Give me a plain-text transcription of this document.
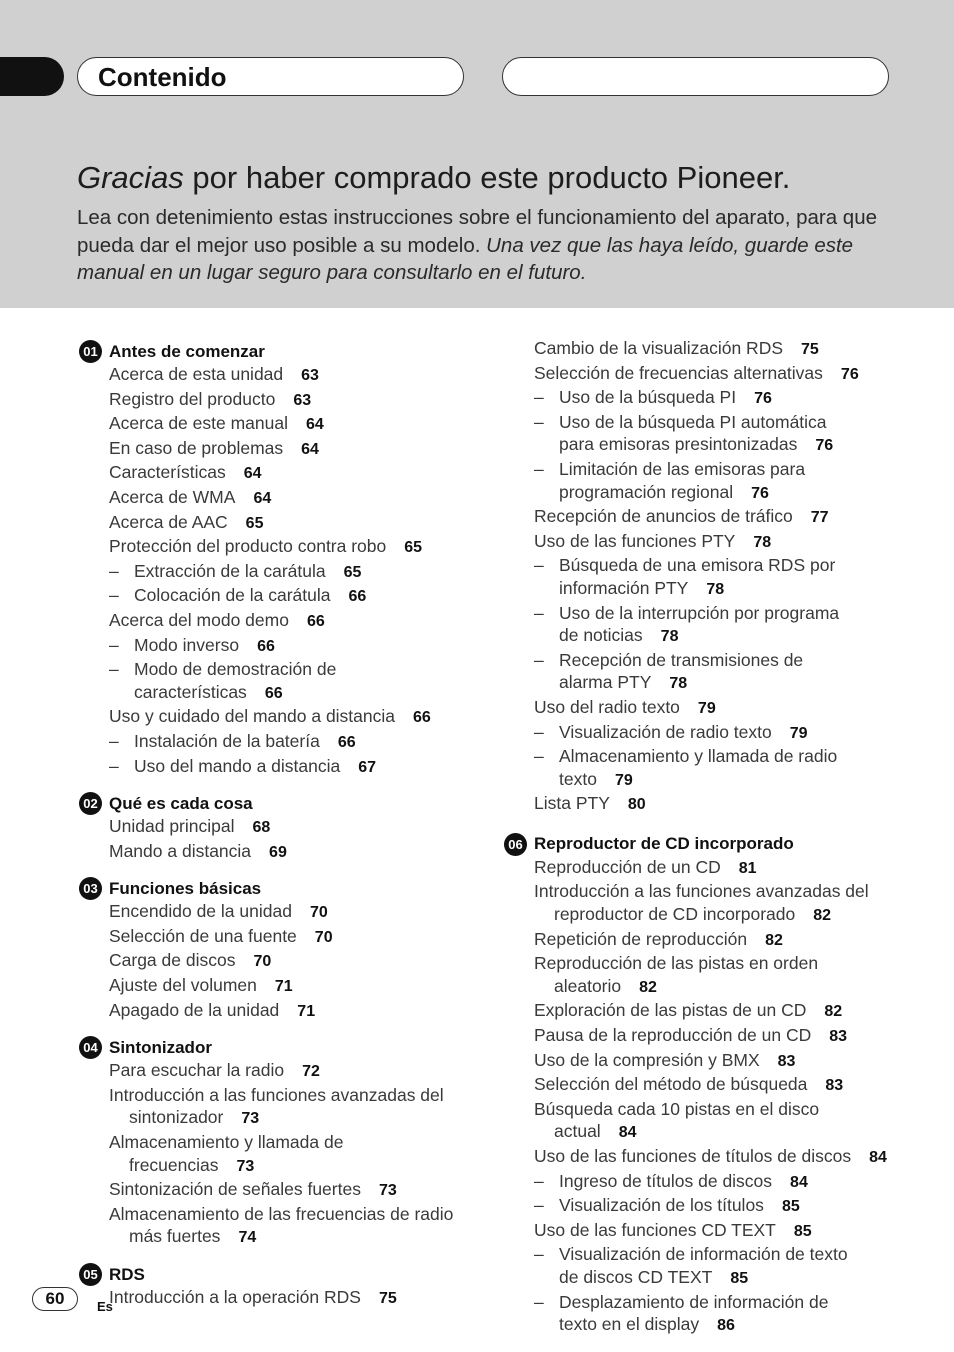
Contenido
Gracias por haber comprado este producto Pioneer.
Lea con detenimiento estas instrucciones sobre el funcionamiento del aparato, para que pueda dar el mejor uso posible a su modelo. Una vez que las haya leído, guarde este manual en un lugar seguro para consultarlo en el futuro.
01 Antes de comenzar
Acerca de esta unidad 63
Registro del producto 63
Acerca de este manual 64
En caso de problemas 64
Características 64
Acerca de WMA 64
Acerca de AAC 65
Protección del producto contra robo 65
– Extracción de la carátula 65
– Colocación de la carátula 66
Acerca del modo demo 66
– Modo inverso 66
– Modo de demostración de
características 66
Uso y cuidado del mando a distancia 66
– Instalación de la batería 66
– Uso del mando a distancia 67
02 Qué es cada cosa
Unidad principal 68
Mando a distancia 69
03 Funciones básicas
Encendido de la unidad 70
Selección de una fuente 70
Carga de discos 70
Ajuste del volumen 71
Apagado de la unidad 71
04 Sintonizador
Para escuchar la radio 72
Introducción a las funciones avanzadas del
sintonizador 73
Almacenamiento y llamada de
frecuencias 73
Sintonización de señales fuertes 73
Almacenamiento de las frecuencias de radio
más fuertes 74
05 RDS
Introducción a la operación RDS 75
Cambio de la visualización RDS 75
Selección de frecuencias alternativas 76
– Uso de la búsqueda PI 76
– Uso de la búsqueda PI automática
para emisoras presintonizadas 76
– Limitación de las emisoras para
programación regional 76
Recepción de anuncios de tráfico 77
Uso de las funciones PTY 78
– Búsqueda de una emisora RDS por
información PTY 78
– Uso de la interrupción por programa
de noticias 78
– Recepción de transmisiones de
alarma PTY 78
Uso del radio texto 79
– Visualización de radio texto 79
– Almacenamiento y llamada de radio
texto 79
Lista PTY 80
06 Reproductor de CD incorporado
Reproducción de un CD 81
Introducción a las funciones avanzadas del
reproductor de CD incorporado 82
Repetición de reproducción 82
Reproducción de las pistas en orden
aleatorio 82
Exploración de las pistas de un CD 82
Pausa de la reproducción de un CD 83
Uso de la compresión y BMX 83
Selección del método de búsqueda 83
Búsqueda cada 10 pistas en el disco
actual 84
Uso de las funciones de títulos de discos 84
– Ingreso de títulos de discos 84
– Visualización de los títulos 85
Uso de las funciones CD TEXT 85
– Visualización de información de texto
de discos CD TEXT 85
– Desplazamiento de información de
texto en el display 86
60	Es
